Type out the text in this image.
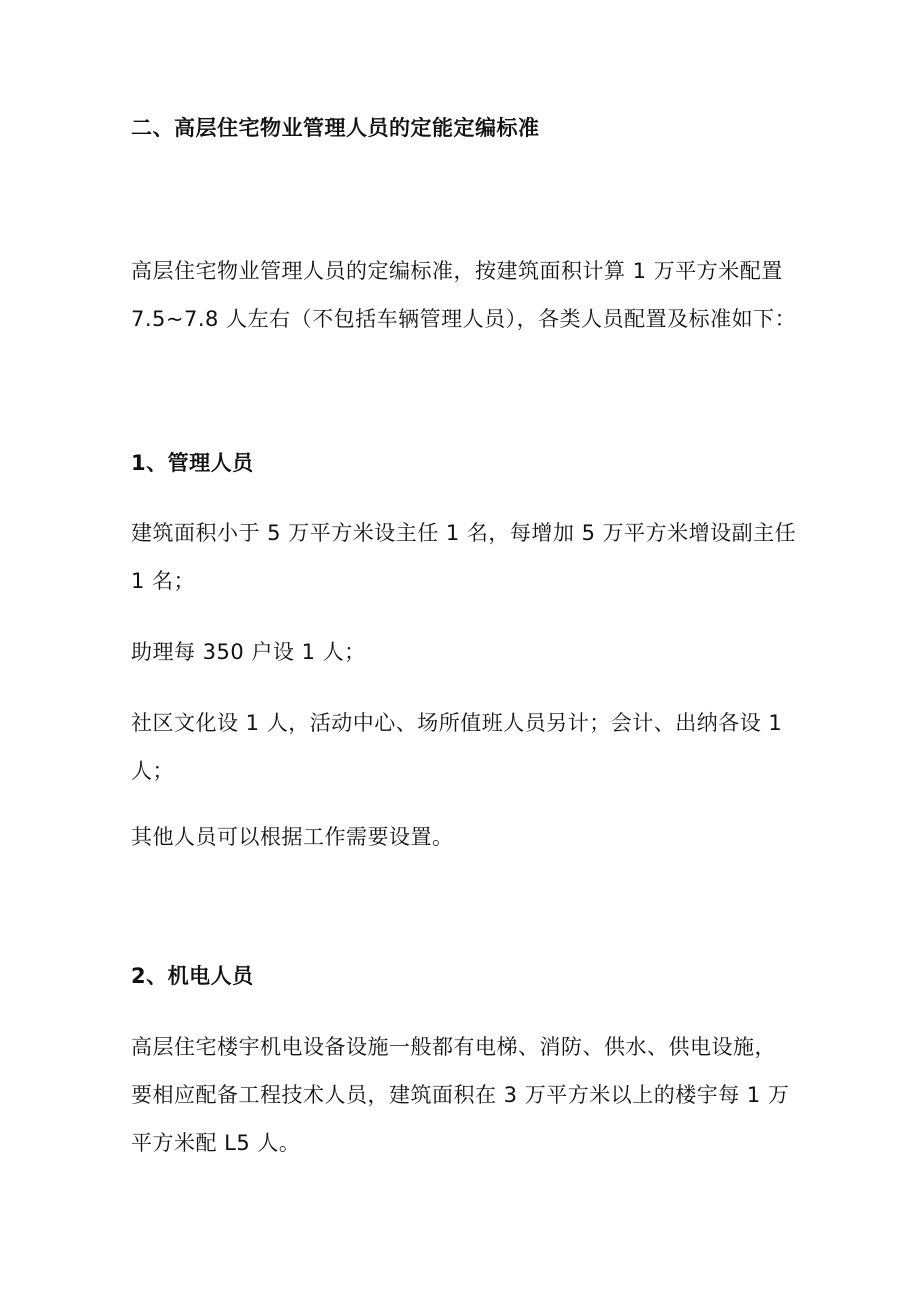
二、高层住宅物业管理人员的定能定编标准
高层住宅物业管理人员的定编标准，按建筑面积计算 1 万平方米配置
7.5~7.8 人左右（不包括车辆管理人员），各类人员配置及标准如下：
1、管理人员
建筑面积小于 5 万平方米设主任 1 名，每增加 5 万平方米增设副主任
1 名；
助理每 350 户设 1 人；
社区文化设 1 人，活动中心、场所值班人员另计；会计、出纳各设 1
人；
其他人员可以根据工作需要设置。
2、机电人员
高层住宅楼宇机电设备设施一般都有电梯、消防、供水、供电设施，
要相应配备工程技术人员，建筑面积在 3 万平方米以上的楼宇每 1 万
平方米配 L5 人。
